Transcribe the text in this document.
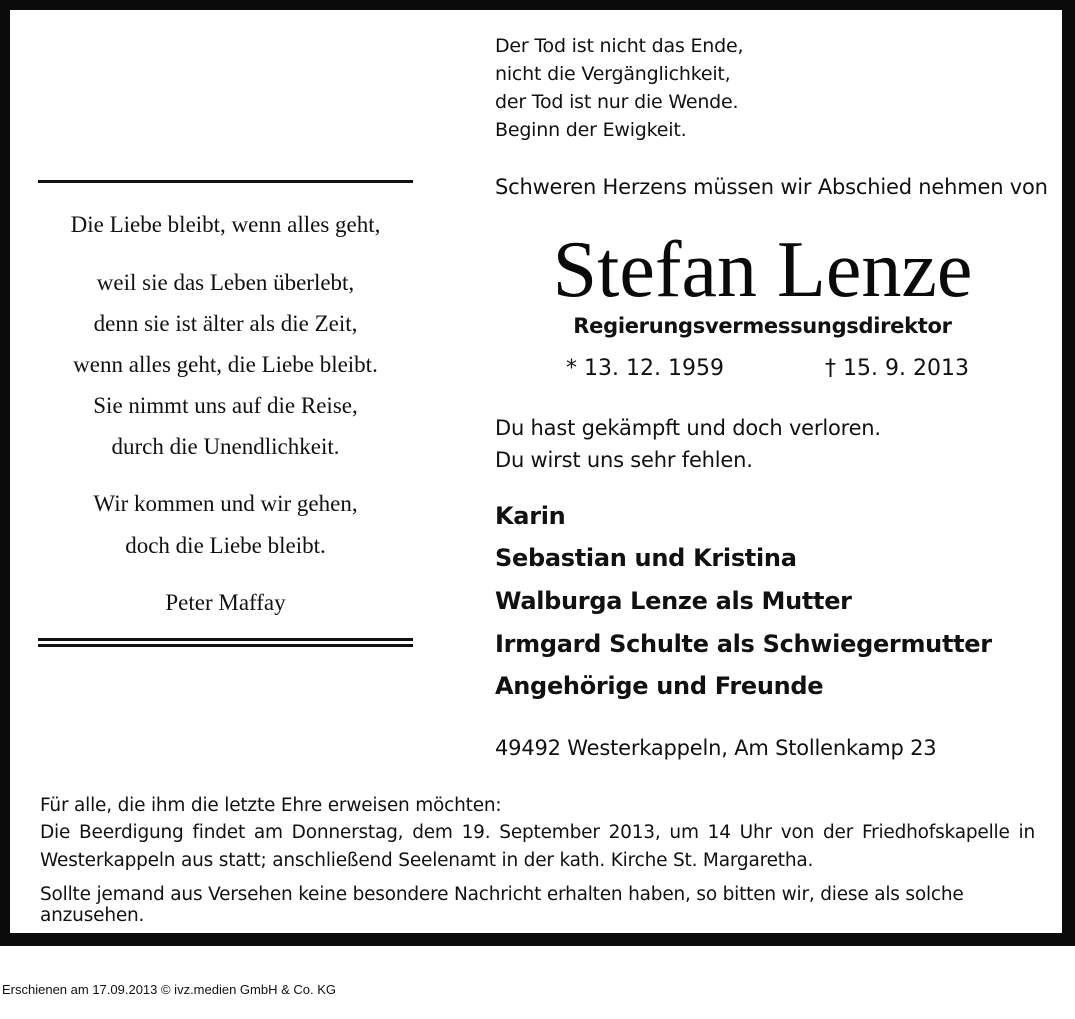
Die Liebe bleibt, wenn alles geht,
weil sie das Leben überlebt,
denn sie ist älter als die Zeit,
wenn alles geht, die Liebe bleibt.
Sie nimmt uns auf die Reise,
durch die Unendlichkeit.
Wir kommen und wir gehen,
doch die Liebe bleibt.
Peter Maffay
Der Tod ist nicht das Ende,
nicht die Vergänglichkeit,
der Tod ist nur die Wende.
Beginn der Ewigkeit.
Schweren Herzens müssen wir Abschied nehmen von
Stefan Lenze
Regierungsvermessungsdirektor
* 13. 12. 1959	† 15. 9. 2013
Du hast gekämpft und doch verloren.
Du wirst uns sehr fehlen.
Karin
Sebastian und Kristina
Walburga Lenze als Mutter
Irmgard Schulte als Schwiegermutter
Angehörige und Freunde
49492 Westerkappeln, Am Stollenkamp 23
Für alle, die ihm die letzte Ehre erweisen möchten:
Die Beerdigung findet am Donnerstag, dem 19. September 2013, um 14 Uhr von der Friedhofskapelle in
Westerkappeln aus statt; anschließend Seelenamt in der kath. Kirche St. Margaretha.
Sollte jemand aus Versehen keine besondere Nachricht erhalten haben, so bitten wir, diese als solche anzusehen.
Erschienen am 17.09.2013 © ivz.medien GmbH & Co. KG
